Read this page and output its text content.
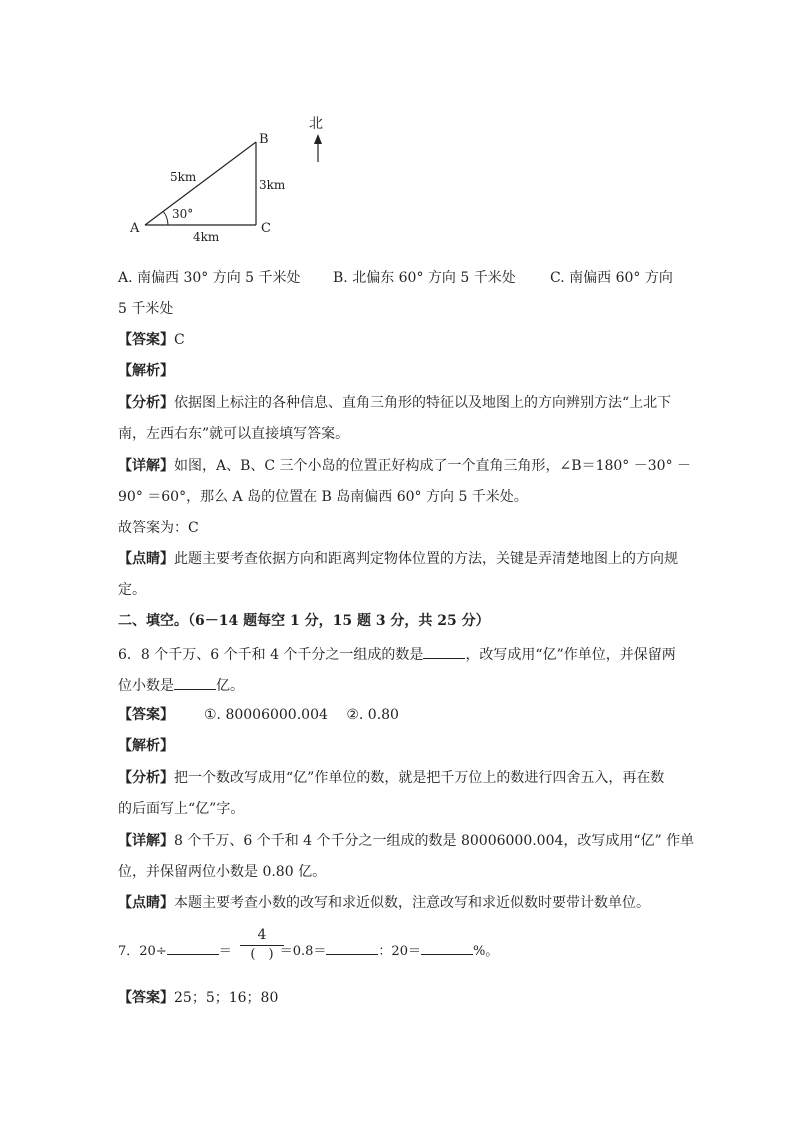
A
B
C
5km
3km
4km
30°
北
A. 南偏西 30° 方向 5 千米处 B. 北偏东 60° 方向 5 千米处 C. 南偏西 60° 方向
5 千米处
【答案】C
【解析】
【分析】依据图上标注的各种信息、直角三角形的特征以及地图上的方向辨别方法“上北下
南，左西右东”就可以直接填写答案。
【详解】如图，A、B、C 三个小岛的位置正好构成了一个直角三角形，∠B＝180° －30° －
90° ＝60°，那么 A 岛的位置在 B 岛南偏西 60° 方向 5 千米处。
故答案为：C
【点睛】此题主要考查依据方向和距离判定物体位置的方法，关键是弄清楚地图上的方向规
定。
二、填空。（6－14 题每空 1 分，15 题 3 分，共 25 分）
6．8 个千万、6 个千和 4 个千分之一组成的数是	，改写成用“亿”作单位，并保留两
位小数是	亿。
【答案】 ①. 80006000.004　 ②. 0.80
【解析】
【分析】把一个数改写成用“亿”作单位的数，就是把千万位上的数进行四舍五入，再在数
的后面写上“亿”字。
【详解】8 个千万、6 个千和 4 个千分之一组成的数是 80006000.004，改写成用“亿” 作单
位，并保留两位小数是 0.80 亿。
【点睛】本题主要考查小数的改写和求近似数，注意改写和求近似数时要带计数单位。
7．20÷	＝	＝0.8＝	：20＝	%。
4
(　)
【答案】25；5；16；80
